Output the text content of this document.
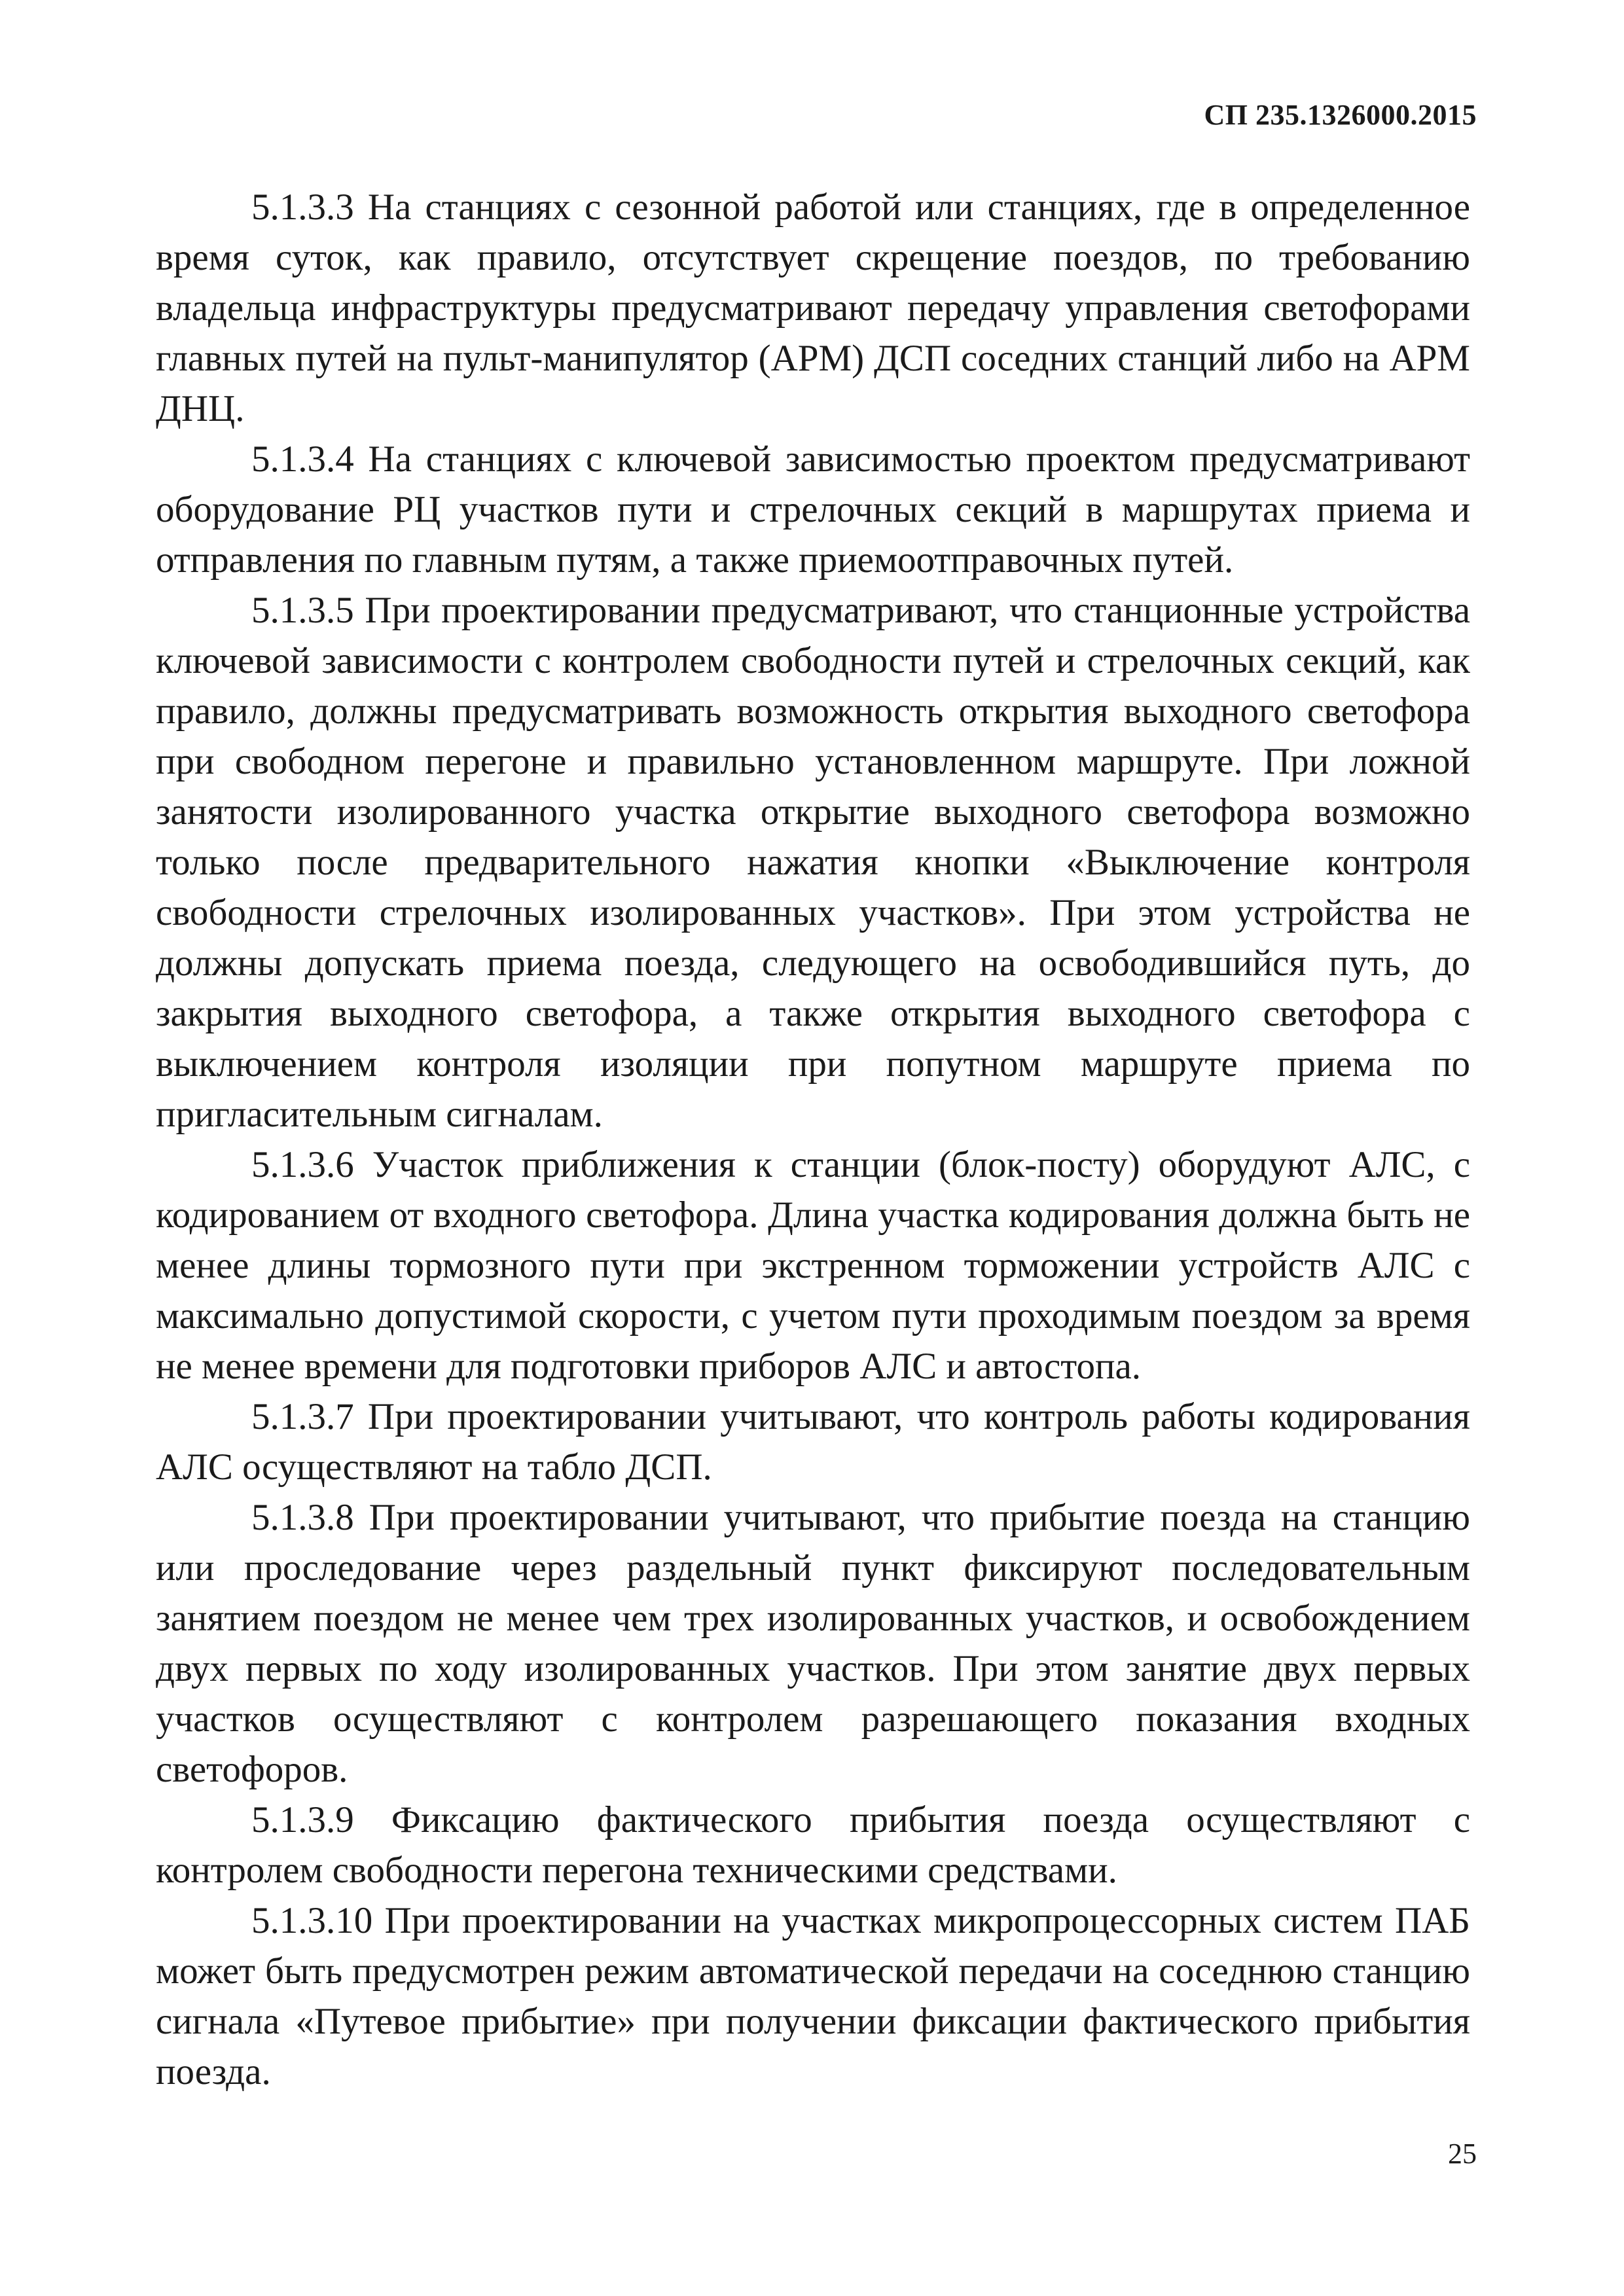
СП 235.1326000.2015

5.1.3.3 На станциях с сезонной работой или станциях, где в определенное время суток, как правило, отсутствует скрещение поездов, по требованию владельца инфраструктуры предусматривают передачу управления светофорами главных путей на пульт-манипулятор (АРМ) ДСП соседних станций либо на АРМ ДНЦ.

5.1.3.4 На станциях с ключевой зависимостью проектом предусматривают оборудование РЦ участков пути и стрелочных секций в маршрутах приема и отправления по главным путям, а также приемоотправочных путей.

5.1.3.5 При проектировании предусматривают, что станционные устройства ключевой зависимости с контролем свободности путей и стрелочных секций, как правило, должны предусматривать возможность открытия выходного светофора при свободном перегоне и правильно установленном маршруте. При ложной занятости изолированного участка открытие выходного светофора возможно только после предварительного нажатия кнопки «Выключение контроля свободности стрелочных изолированных участков». При этом устройства не должны допускать приема поезда, следующего на освободившийся путь, до закрытия выходного светофора, а также открытия выходного светофора с выключением контроля изоляции при попутном маршруте приема по пригласительным сигналам.

5.1.3.6 Участок приближения к станции (блок-посту) оборудуют АЛС, с кодированием от входного светофора. Длина участка кодирования должна быть не менее длины тормозного пути при экстренном торможении устройств АЛС с максимально допустимой скорости, с учетом пути проходимым поездом за время не менее времени для подготовки приборов АЛС и автостопа.

5.1.3.7 При проектировании учитывают, что контроль работы кодирования АЛС осуществляют на табло ДСП.

5.1.3.8 При проектировании учитывают, что прибытие поезда на станцию или проследование через раздельный пункт фиксируют последовательным занятием поездом не менее чем трех изолированных участков, и освобождением двух первых по ходу изолированных участков. При этом занятие двух первых участков осуществляют с контролем разрешающего показания входных светофоров.

5.1.3.9 Фиксацию фактического прибытия поезда осуществляют с контролем свободности перегона техническими средствами.

5.1.3.10 При проектировании на участках микропроцессорных систем ПАБ может быть предусмотрен режим автоматической передачи на соседнюю станцию сигнала «Путевое прибытие» при получении фиксации фактического прибытия поезда.

25
